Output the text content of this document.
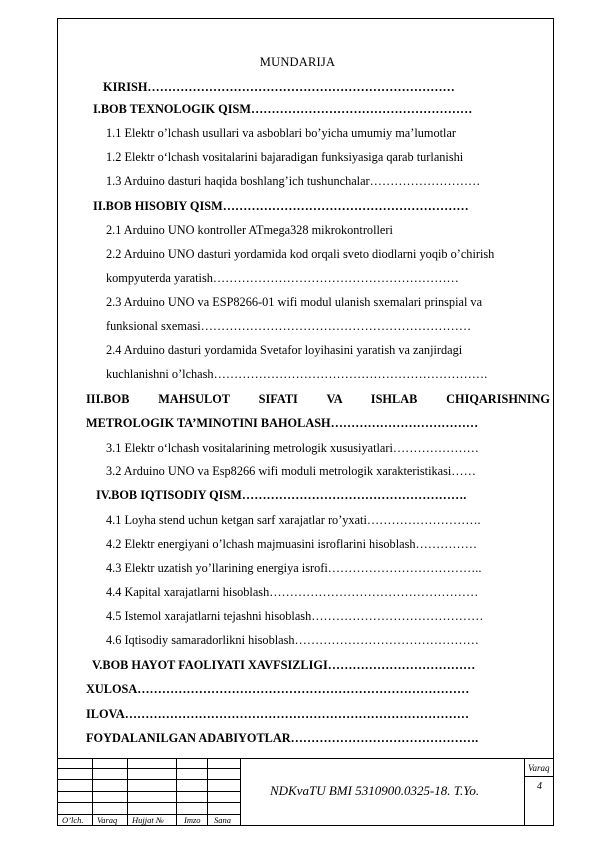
MUNDARIJA
KIRISH…………………………………………………………………
I.BOB TEXNOLOGIK QISM………………………………………………
1.1 Elektr o’lchash usullari va asboblari bo’yicha umumiy ma’lumotlar
1.2 Elektr o‘lchash vositalarini bajaradigan funksiyasiga qarab turlanishi
1.3 Arduino dasturi haqida boshlang’ich tushunchalar………………………
II.BOB HISOBIY QISM……………………………………………………
2.1 Arduino UNO kontroller ATmega328 mikrokontrolleri
2.2 Arduino UNO dasturi yordamida kod orqali sveto diodlarni yoqib o’chirish
kompyuterda yaratish……………………………………………………
2.3 Arduino UNO va ESP8266-01 wifi modul ulanish sxemalari prinspial va
funksional sxemasi…………………………………………………………
2.4 Arduino dasturi yordamida Svetafor loyihasini yaratish va zanjirdagi
kuchlanishni o’lchash………………………………………………………….
III.BOB MAHSULOT SIFATI VA ISHLAB CHIQARISHNING
METROLOGIK TA’MINOTINI BAHOLASH………………………………
3.1 Elektr o‘lchash vositalarining metrologik xususiyatlari…………………
3.2 Arduino UNO va Esp8266 wifi moduli metrologik xarakteristikasi……
IV.BOB IQTISODIY QISM……………………………………………….
4.1 Loyha stend uchun ketgan sarf xarajatlar ro’yxati……………………….
4.2 Elektr energiyani o’lchash majmuasini isroflarini hisoblash……………
4.3 Elektr uzatish yo’llarining energiya isrofi………………………………..
4.4 Kapital xarajatlarni hisoblash……………………………………………
4.5 Istemol xarajatlarni tejashni hisoblash……………………………………
4.6 Iqtisodiy samaradorlikni hisoblash………………………………………
V.BOB HAYOT FAOLIYATI XAVFSIZLIGI………………………………
XULOSA………………………………………………………………………
ILOVA…………………………………………………………………………
FOYDALANILGAN ADABIYOTLAR……………………………………….
O’lch. Varaq Hujjat № Imzo Sana
NDKvaTU BMI 5310900.0325-18. T.Yo.
Varaq
4
